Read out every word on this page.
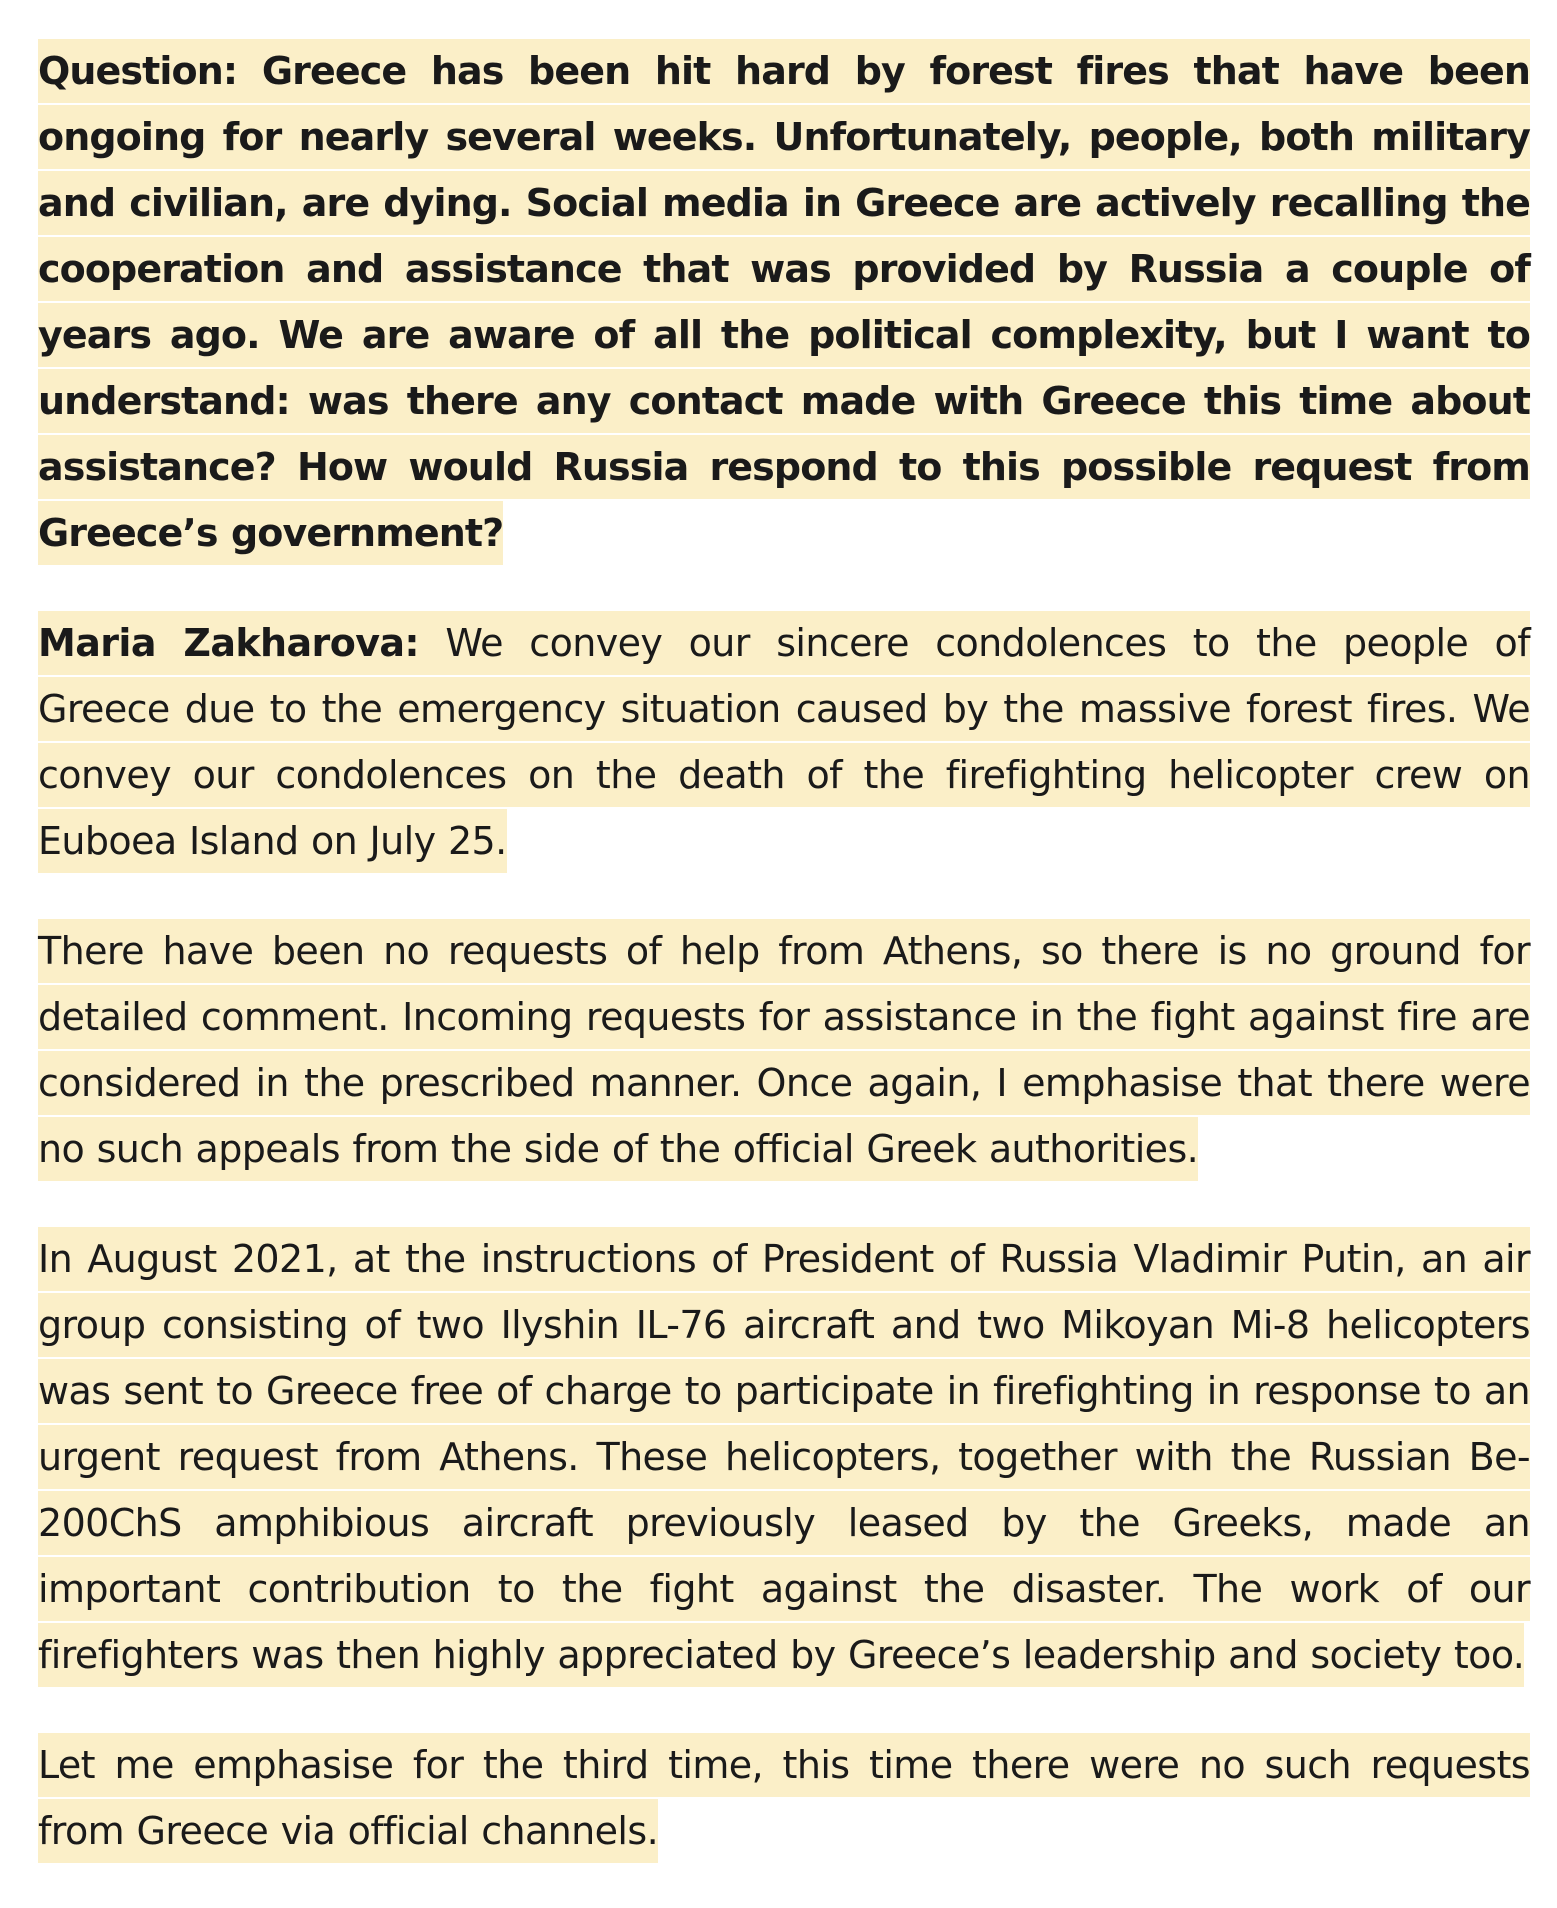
Question: Greece has been hit hard by forest fires that have been ongoing for nearly several weeks. Unfortunately, people, both military and civilian, are dying. Social media in Greece are actively recalling the cooperation and assistance that was provided by Russia a couple of years ago. We are aware of all the political complexity, but I want to understand: was there any contact made with Greece this time about assistance? How would Russia respond to this possible request from Greece’s government?

Maria Zakharova: We convey our sincere condolences to the people of Greece due to the emergency situation caused by the massive forest fires. We convey our condolences on the death of the firefighting helicopter crew on Euboea Island on July 25.

There have been no requests of help from Athens, so there is no ground for detailed comment. Incoming requests for assistance in the fight against fire are considered in the prescribed manner. Once again, I emphasise that there were no such appeals from the side of the official Greek authorities.

In August 2021, at the instructions of President of Russia Vladimir Putin, an air group consisting of two Ilyshin IL-76 aircraft and two Mikoyan Mi-8 helicopters was sent to Greece free of charge to participate in firefighting in response to an urgent request from Athens. These helicopters, together with the Russian Be-200ChS amphibious aircraft previously leased by the Greeks, made an important contribution to the fight against the disaster. The work of our firefighters was then highly appreciated by Greece’s leadership and society too.

Let me emphasise for the third time, this time there were no such requests from Greece via official channels.
